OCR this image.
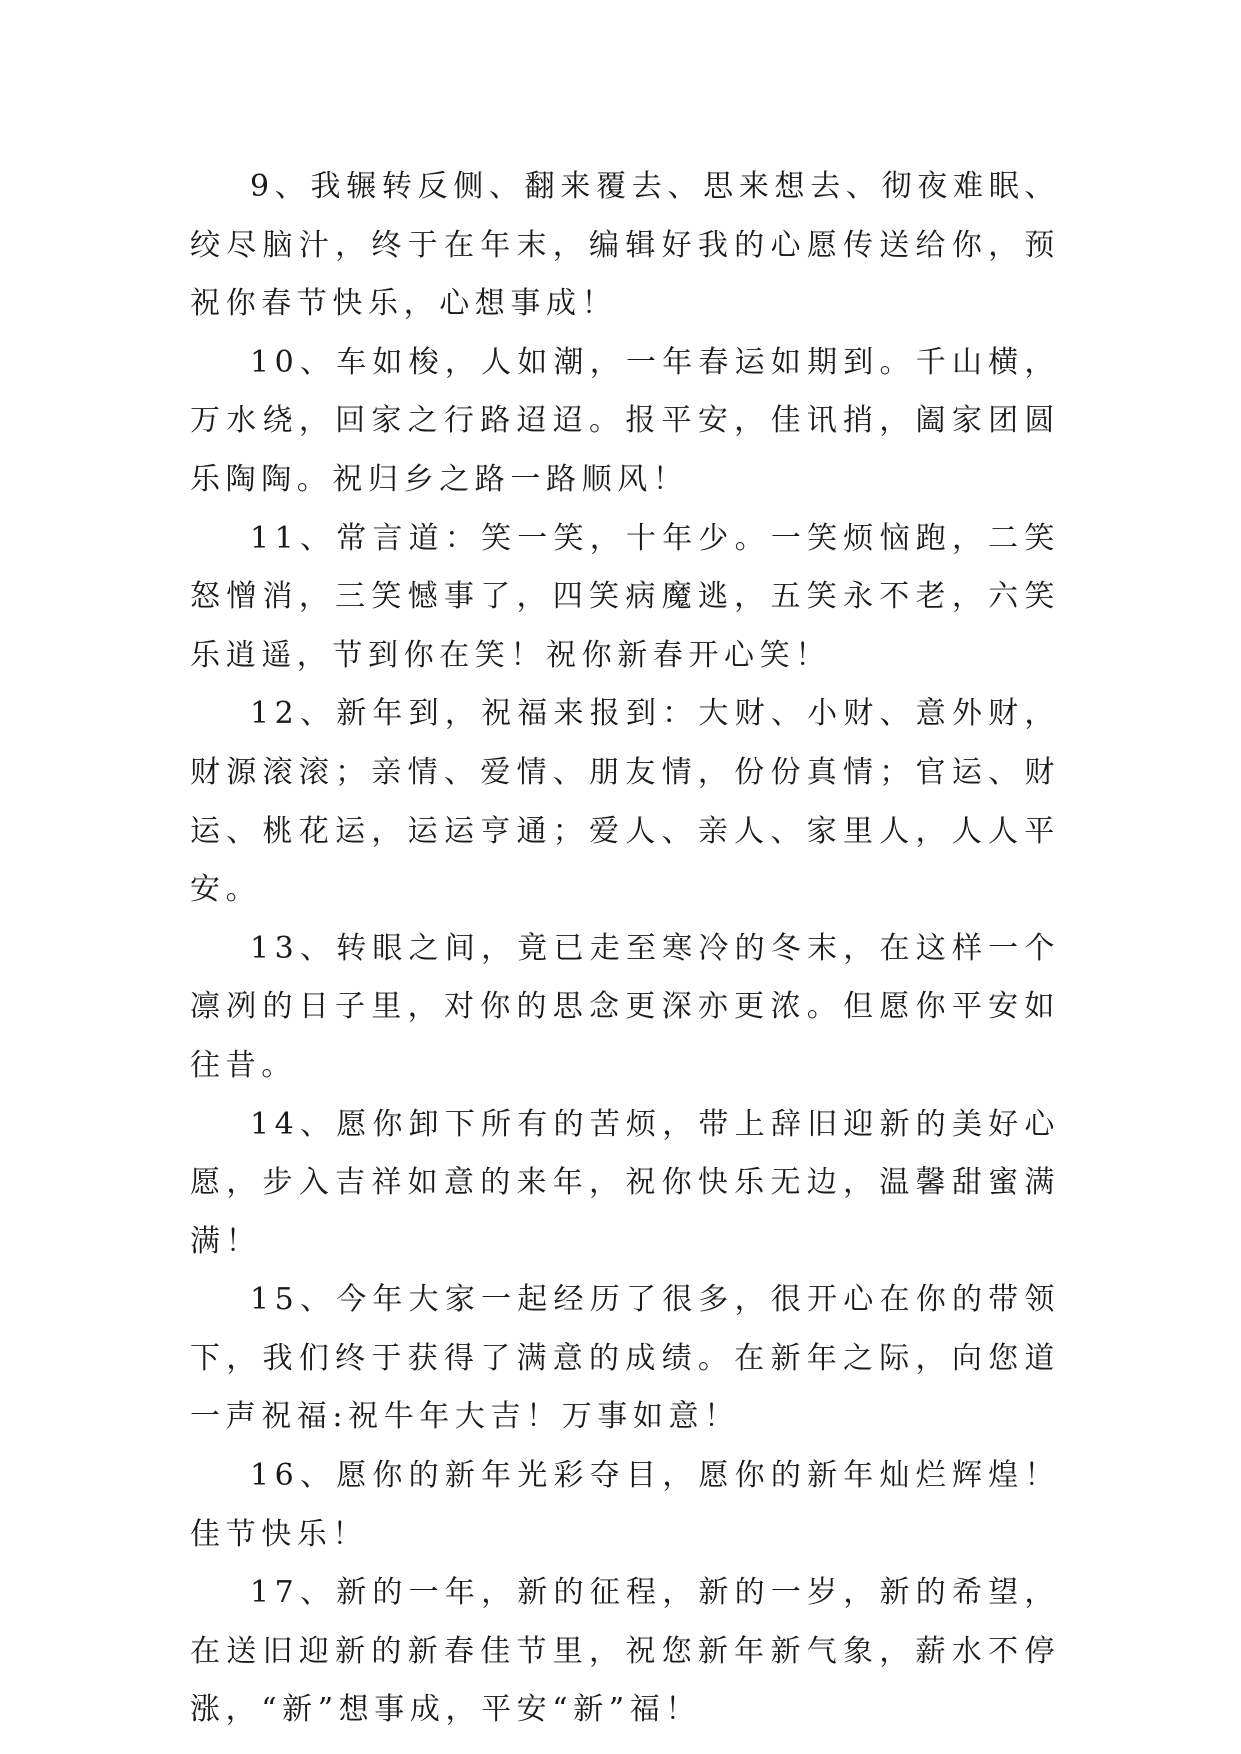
9、我辗转反侧、翻来覆去、思来想去、彻夜难眠、绞尽脑汁，终于在年末，编辑好我的心愿传送给你，预祝你春节快乐，心想事成！

10、车如梭，人如潮，一年春运如期到。千山横，万水绕，回家之行路迢迢。报平安，佳讯捎，阖家团圆乐陶陶。祝归乡之路一路顺风！

11、常言道：笑一笑，十年少。一笑烦恼跑，二笑怒憎消，三笑憾事了，四笑病魔逃，五笑永不老，六笑乐逍遥，节到你在笑！祝你新春开心笑！

12、新年到，祝福来报到：大财、小财、意外财，财源滚滚；亲情、爱情、朋友情，份份真情；官运、财运、桃花运，运运亨通；爱人、亲人、家里人，人人平安。

13、转眼之间，竟已走至寒冷的冬末，在这样一个凛冽的日子里，对你的思念更深亦更浓。但愿你平安如往昔。

14、愿你卸下所有的苦烦，带上辞旧迎新的美好心愿，步入吉祥如意的来年，祝你快乐无边，温馨甜蜜满满！

15、今年大家一起经历了很多，很开心在你的带领下，我们终于获得了满意的成绩。在新年之际，向您道一声祝福:祝牛年大吉！万事如意！

16、愿你的新年光彩夺目，愿你的新年灿烂辉煌！佳节快乐！

17、新的一年，新的征程，新的一岁，新的希望，在送旧迎新的新春佳节里，祝您新年新气象，薪水不停涨，“新”想事成，平安“新”福！
